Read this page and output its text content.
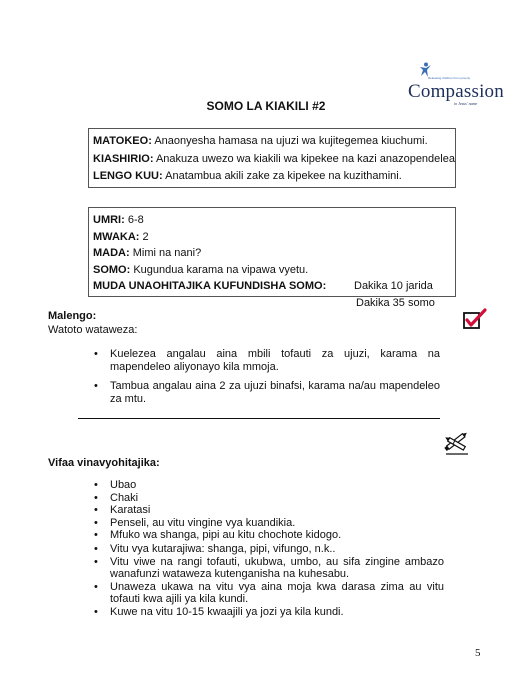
Releasing children from poverty
Compassion
in Jesus' name
SOMO LA KIAKILI #2
MATOKEO: Anaonyesha hamasa na ujuzi wa kujitegemea kiuchumi.
KIASHIRIO: Anakuza uwezo wa kiakili wa kipekee na kazi anazopendelea
LENGO KUU: Anatambua akili zake za kipekee na kuzithamini.
UMRI: 6-8
MWAKA: 2
MADA: Mimi na nani?
SOMO: Kugundua karama na vipawa vyetu.
MUDA UNAOHITAJIKA KUFUNDISHA SOMO:	Dakika 10 jarida
Dakika 35 somo
Malengo:
Watoto wataweza:
• Kuelezea angalau aina mbili tofauti za ujuzi, karama na mapendeleo aliyonayo kila mmoja.
• Tambua angalau aina 2 za ujuzi binafsi, karama na/au mapendeleo za mtu.
Vifaa vinavyohitajika:
• Ubao
• Chaki
• Karatasi
• Penseli, au vitu vingine vya kuandikia.
• Mfuko wa shanga, pipi au kitu chochote kidogo.
• Vitu vya kutarajiwa: shanga, pipi, vifungo, n.k..
• Vitu viwe na rangi tofauti, ukubwa, umbo, au sifa zingine ambazo wanafunzi wataweza kutenganisha na kuhesabu.
• Unaweza ukawa na vitu vya aina moja kwa darasa zima au vitu tofauti kwa ajili ya kila kundi.
• Kuwe na vitu 10-15 kwaajili ya jozi ya kila kundi.
5
